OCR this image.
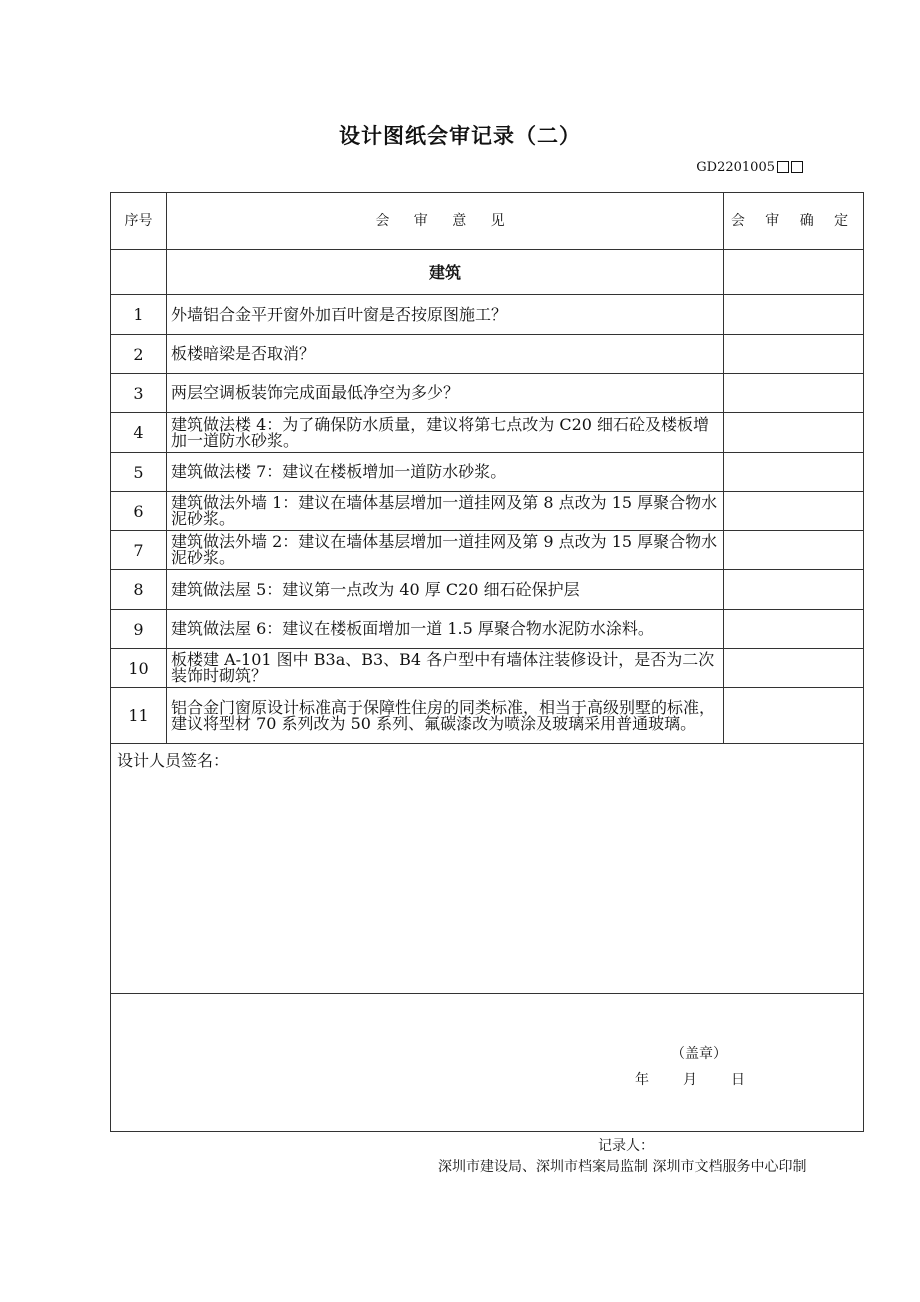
设计图纸会审记录（二）
GD2201005
序号	会 审 意 见	会 审 确 定
	建筑	
1	外墙铝合金平开窗外加百叶窗是否按原图施工？	
2	板楼暗梁是否取消？	
3	两层空调板装饰完成面最低净空为多少？	
4	建筑做法楼 4：为了确保防水质量，建议将第七点改为 C20 细石砼及楼板增加一道防水砂浆。	
5	建筑做法楼 7：建议在楼板增加一道防水砂浆。	
6	建筑做法外墙 1：建议在墙体基层增加一道挂网及第 8 点改为 15 厚聚合物水泥砂浆。	
7	建筑做法外墙 2：建议在墙体基层增加一道挂网及第 9 点改为 15 厚聚合物水泥砂浆。	
8	建筑做法屋 5：建议第一点改为 40 厚 C20 细石砼保护层	
9	建筑做法屋 6：建议在楼板面增加一道 1.5 厚聚合物水泥防水涂料。	
10	板楼建 A-101 图中 B3a、B3、B4 各户型中有墙体注装修设计，是否为二次装饰时砌筑？	
11	铝合金门窗原设计标准高于保障性住房的同类标准，相当于高级别墅的标准，建议将型材 70 系列改为 50 系列、氟碳漆改为喷涂及玻璃采用普通玻璃。	
设计人员签名：		

（盖章）
年 月 日		
记录人：
深圳市建设局、深圳市档案局监制 深圳市文档服务中心印制
